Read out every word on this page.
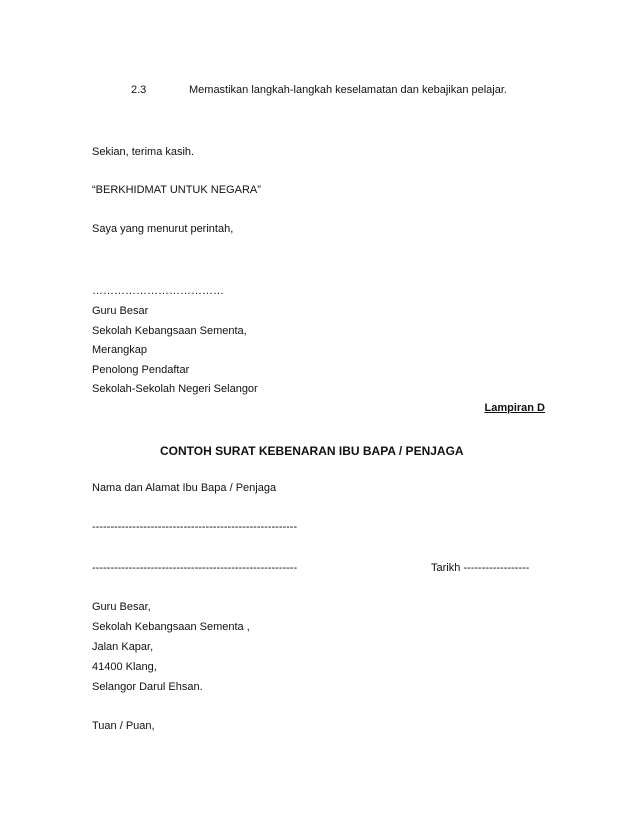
2.3	Memastikan langkah-langkah keselamatan dan kebajikan pelajar.
Sekian, terima kasih.
“BERKHIDMAT UNTUK NEGARA”
Saya yang menurut perintah,
………………………………
Guru Besar
Sekolah Kebangsaan Sementa,
Merangkap
Penolong Pendaftar
Sekolah-Sekolah Negeri Selangor
Lampiran D
CONTOH SURAT KEBENARAN IBU BAPA / PENJAGA
Nama dan Alamat Ibu Bapa / Penjaga
--------------------------------------------------------
--------------------------------------------------------	Tarikh ------------------
Guru Besar,
Sekolah Kebangsaan Sementa ,
Jalan Kapar,
41400 Klang,
Selangor Darul Ehsan.
Tuan / Puan,
